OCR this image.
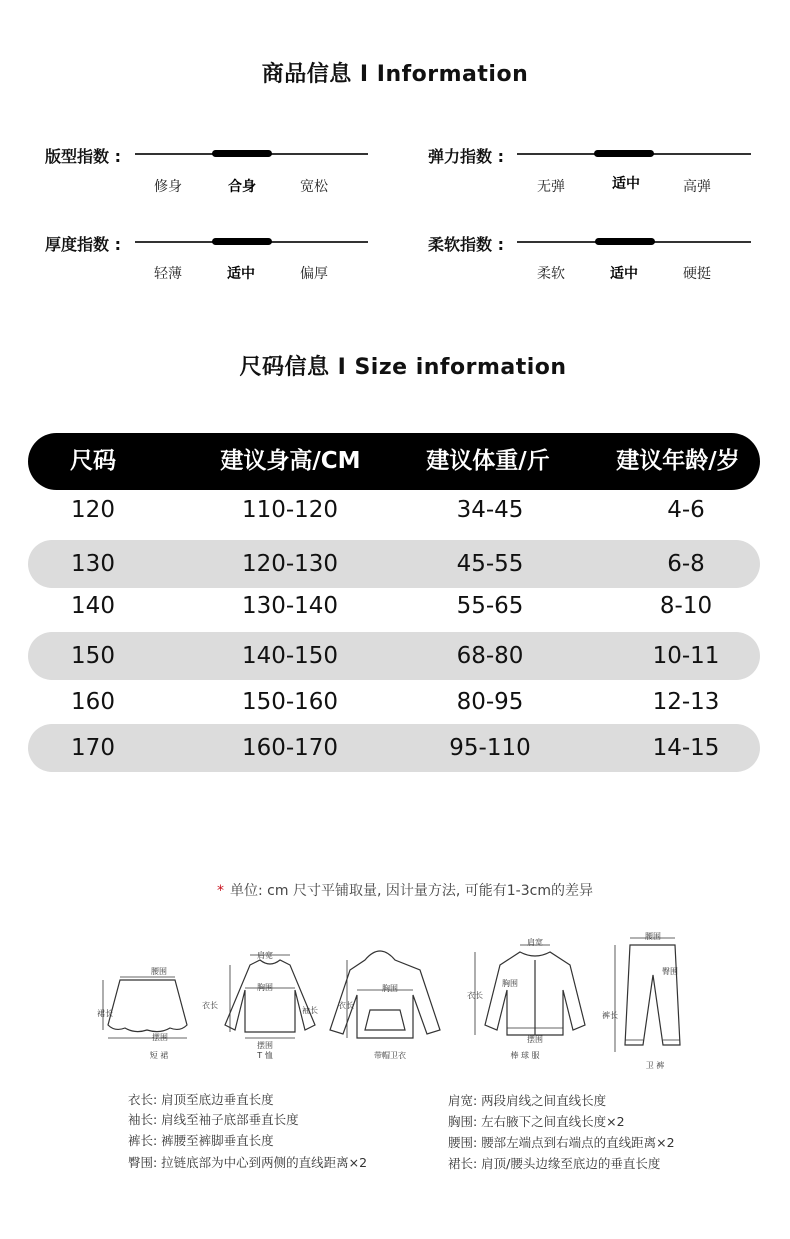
商品信息 I Information
版型指数 :
修身	合身	宽松
弹力指数 :
无弹	适中	高弹
厚度指数 :
轻薄	适中	偏厚
柔软指数 :
柔软	适中	硬挺
尺码信息 I Size information
尺码	建议身高/CM	建议体重/斤	建议年龄/岁
120	110-120	34-45	4-6
130	120-130	45-55	6-8
140	130-140	55-65	8-10
150	140-150	68-80	10-11
160	150-160	80-95	12-13
170	160-170	95-110	14-15
* 单位: cm 尺寸平铺取量, 因计量方法, 可能有1-3cm的差异
腰围
裙长
摆围
短 裙
肩宽
胸围
衣长
袖长
摆围
T 恤
衣长
胸围
带帽卫衣
衣长
肩宽
胸围
摆围
棒 球 服
腰围
臀围
裤长
卫 裤
衣长: 肩顶至底边垂直长度
袖长: 肩线至袖子底部垂直长度
裤长: 裤腰至裤脚垂直长度
臀围: 拉链底部为中心到两侧的直线距离×2
肩宽: 两段肩线之间直线长度
胸围: 左右腋下之间直线长度×2
腰围: 腰部左端点到右端点的直线距离×2
裙长: 肩顶/腰头边缘至底边的垂直长度
